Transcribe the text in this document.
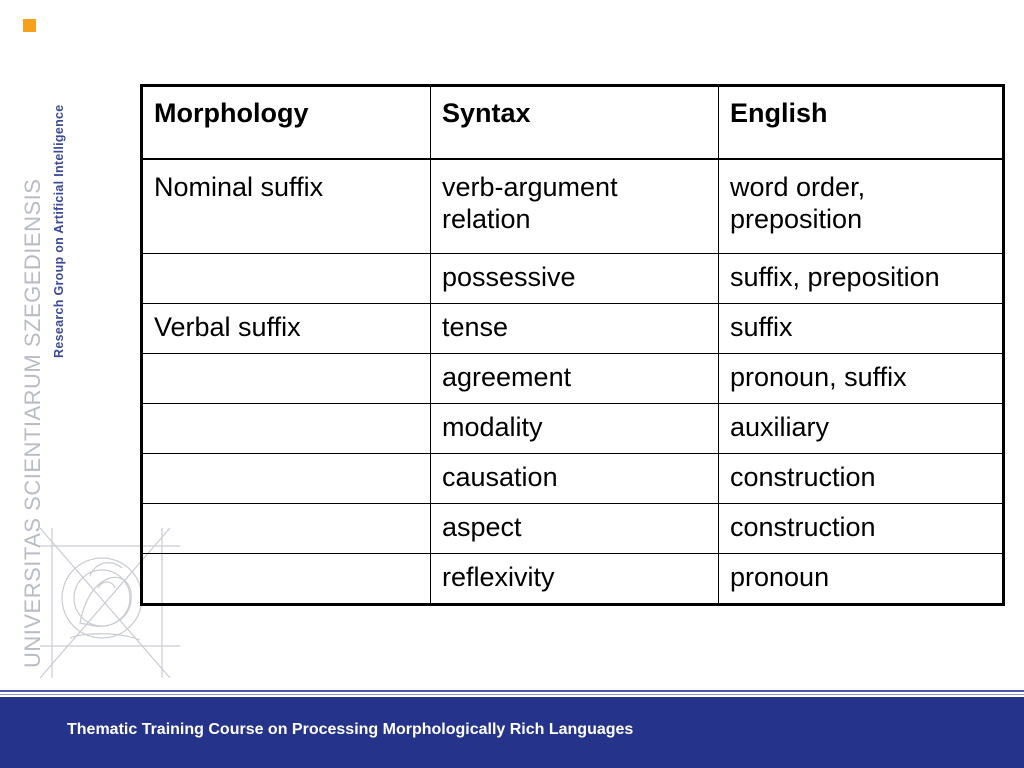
UNIVERSITAS SCIENTIARUM SZEGEDIENSIS Research Group on Artificial Intelligence	Morphology	Syntax	English
Nominal suffix	verb-argument relation	word order, preposition
	possessive	suffix, preposition
Verbal suffix	tense	suffix
	agreement	pronoun, suffix
	modality	auxiliary
	causation	construction
	aspect	construction
	reflexivity	pronoun
Thematic Training Course on Processing Morphologically Rich Languages
